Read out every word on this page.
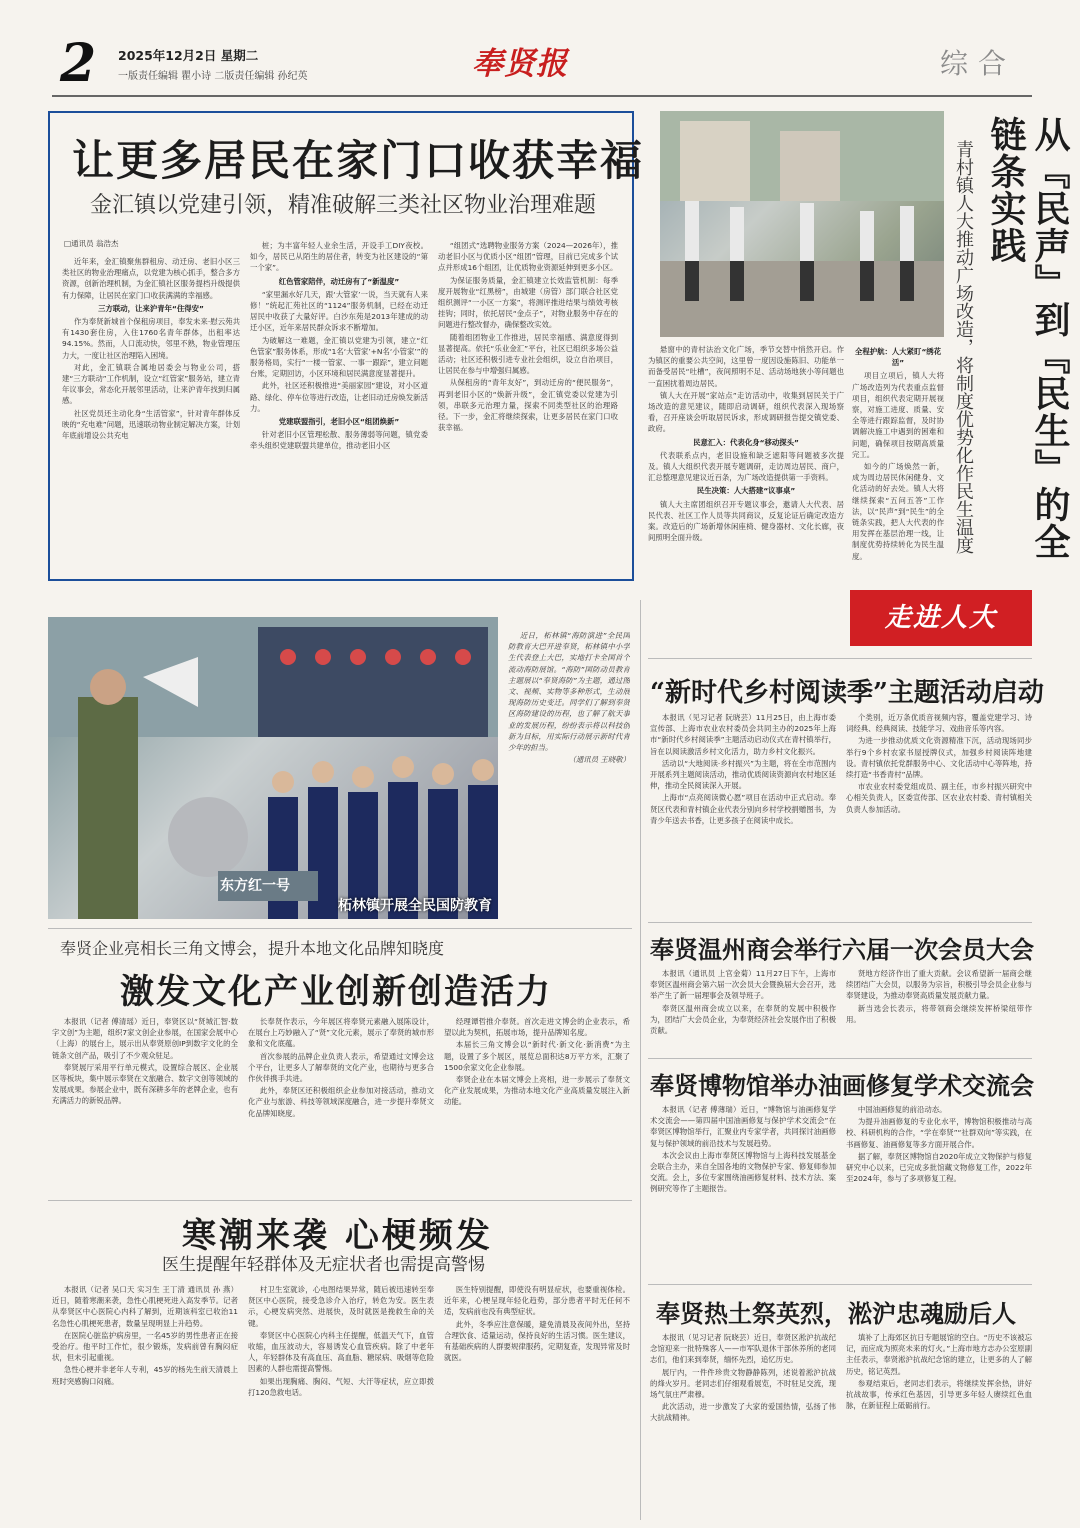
2 2025年12月2日 星期二
一版责任编辑 瞿小诗 二版责任编辑 孙纪英	奉贤报	综合
让更多居民在家门口收获幸福
金汇镇以党建引领，精准破解三类社区物业治理难题
□通讯员 翁浩杰

近年来，金汇镇聚焦群租房、动迁房、老旧小区三类社区的物业治理痛点，以党建为核心抓手，整合多方资源，创新治理机制，为金汇镇社区服务提档升级提供有力保障，让居民在家门口收获满满的幸福感。

三方联动，让来沪青年“住得安”

作为奉贤新城首个保租房项目，奉发未来·慰云苑共有1430套住房，入住1760名青年群体，出租率达94.15%。然而，人口流动快，邻里不熟，物业管理压力大，一度让社区治理陷入困境。

对此，金汇镇联合属地居委会与物业公司，搭建“三方联动”工作机制，设立“红管家”服务站，建立青年议事会，常态化开展邻里活动，让来沪青年找到归属感。

社区党员还主动化身“生活管家”，针对青年群体反映的“充电难”问题，迅速联动物业制定解决方案，计划年底前增设公共充电

桩；为丰富年轻人业余生活，开设手工DIY夜校。如今，居民已从陌生的居住者，转变为社区建设的“第一个家”。

红色管家陪伴，动迁房有了“新温度”

“家里漏水好几天，跟‘大管家’一说，当天就有人来修！”统起汇苑社区的“1124”服务机制，已经在动迁居民中收获了大量好评。白沙东苑是2013年建成的动迁小区，近年来居民群众诉求不断增加。

为破解这一难题，金汇镇以党建为引领，建立“红色管家”服务体系，形成“1名‘大管家’+N名‘小管家’”的服务格局，实行“一楼一管家、一事一跟踪”，建立问题台账，定期回访，小区环境和居民满意度显著提升。

此外，社区还积极推进“美丽家园”建设，对小区道路、绿化、停车位等进行改造，让老旧动迁房焕发新活力。

党建联盟指引，老旧小区“组团焕新”

针对老旧小区管理松散、服务薄弱等问题，镇党委牵头组织党建联盟共建单位，推动老旧小区

“组团式”选聘物业服务方案（2024—2026年），推动老旧小区与优质小区“组团”管理，目前已完成多个试点并形成16个组团，让优质物业资源延伸到更多小区。

为保证服务质量，金汇镇建立长效监管机制：每季度开展物业“红黑榜”，由城建（房管）部门联合社区党组织测评“一小区一方案”，将测评推进结果与绩效考核挂钩；同时，依托居民“金点子”，对物业服务中存在的问题进行整改督办，确保整改实效。

随着组团物业工作推进，居民幸福感、满意度得到显著提高。依托“乐业金汇”平台，社区已组织多场公益活动；社区还积极引进专业社会组织，设立自治项目，让居民在参与中增强归属感。

从保租房的“青年友好”，到动迁房的“便民服务”，再到老旧小区的“焕新升级”，金汇镇党委以党建为引领，串联多元治理力量，探索不同类型社区的治理路径。下一步，金汇将继续探索，让更多居民在家门口收获幸福。	从『民声』到『民生』的全链条实践
青村镇人大推动广场改造，将制度优势化作民生温度

悬窗中的青村法治文化广场，季节交替中悄然开启。作为镇区的重要公共空间，这里曾一度因设施陈旧、功能单一而备受居民“吐槽”，夜间照明不足、活动场地狭小等问题也一直困扰着周边居民。

镇人大在开展“家站点”走访活动中，收集到居民关于广场改造的意见建议，随即启动调研，组织代表深入现场察看，召开座谈会听取居民诉求，形成调研报告提交镇党委、政府。

民意汇入：代表化身“移动探头”

代表联系点内，老旧设施和缺乏遮阳等问题被多次提及。镇人大组织代表开展专题调研，走访周边居民、商户，汇总整理意见建议近百条，为广场改造提供第一手资料。

民生决策：人大搭建“议事桌”

镇人大主席团组织召开专题议事会，邀请人大代表、居民代表、社区工作人员等共同商议，反复论证后确定改造方案。改造后的广场新增休闲座椅、健身器材、文化长廊，夜间照明全面升级。

全程护航：人大紧盯“绣花活”

项目立项后，镇人大将广场改造列为代表重点监督项目，组织代表定期开展视察，对施工进度、质量、安全等进行跟踪监督，及时协调解决施工中遇到的困难和问题，确保项目按期高质量完工。

如今的广场焕然一新，成为周边居民休闲健身、文化活动的好去处。镇人大将继续探索“五问五答”工作法，以“民声”到“民生”的全链条实践，把人大代表的作用发挥在基层治理一线，让制度优势持续转化为民生温度。

走进人大
东方红一号
柘林镇开展全民国防教育

近日，柘林镇“海防演进”全民国防教育大巴开进奉贤，柘林镇中小学生代表登上大巴，实地打卡全国首个流动海防展馆。“海防”国防动员教育主题展以“奉贤海防”为主题，通过图文、视频、实物等多种形式，生动展现海防历史变迁。同学们了解到奉贤区海防建设的历程，也了解了航天事业的发展历程，纷纷表示将以科技创新为目标，用实际行动展示新时代青少年的担当。

（通讯员 王晓敬）

“新时代乡村阅读季”主题活动启动

本报讯（见习记者 阮晓芸）11月25日，由上海市委宣传部、上海市农业农村委员会共同主办的2025年上海市“新时代乡村阅读季”主题活动启动仪式在青村镇举行，旨在以阅读激活乡村文化活力，助力乡村文化振兴。

活动以“大地阅读·乡村振兴”为主题，将在全市范围内开展系列主题阅读活动，推动优质阅读资源向农村地区延伸，推动全民阅读深入开展。

上海市“点亮阅读微心愿”项目在活动中正式启动。奉贤区代表和青村镇企业代表分别向乡村学校捐赠图书，为青少年送去书香，让更多孩子在阅读中成长。

个类别，近万条优质音视频内容，覆盖党建学习、诗词经典、经典阅读、技能学习、戏曲音乐等内容。

为进一步推动优质文化资源精准下沉，活动现场同步举行9个乡村农家书屋授牌仪式，加强乡村阅读阵地建设。青村镇依托党群服务中心、文化活动中心等阵地，持续打造“书香青村”品牌。

市农业农村委党组成员、副主任，市乡村振兴研究中心相关负责人，区委宣传部、区农业农村委、青村镇相关负责人参加活动。

奉贤温州商会举行六届一次会员大会

本报讯（通讯员 上官金菊）11月27日下午，上海市奉贤区温州商会第六届一次会员大会暨换届大会召开，选举产生了新一届理事会及领导班子。

奉贤区温州商会成立以来，在奉贤的发展中积极作为，团结广大会员企业，为奉贤经济社会发展作出了积极贡献。

贤地方经济作出了重大贡献。会议希望新一届商会继续团结广大会员，以服务为宗旨，积极引导会员企业参与奉贤建设，为推动奉贤高质量发展贡献力量。

新当选会长表示，将带领商会继续发挥桥梁纽带作用。

奉贤博物馆举办油画修复学术交流会

本报讯（记者 傅薄瑞）近日，“博物馆与油画修复学术交流会——第四届中国油画修复与保护学术交流会”在奉贤区博物馆举行，汇聚业内专家学者，共同探讨油画修复与保护领域的前沿技术与发展趋势。

本次会议由上海市奉贤区博物馆与上海科技发展基金会联合主办，来自全国各地的文物保护专家、修复师参加交流。会上，多位专家围绕油画修复材料、技术方法、案例研究等作了主题报告。

中国油画修复的前沿动态。

为提升油画修复的专业化水平，博物馆积极推动与高校、科研机构的合作，“学在奉贤”“社群双向”等实践，在书画修复、油画修复等多方面开展合作。

据了解，奉贤区博物馆自2020年成立文物保护与修复研究中心以来，已完成多批馆藏文物修复工作，2022年至2024年，参与了多项修复工程。

奉贤热土祭英烈，淞沪忠魂励后人

本报讯（见习记者 阮晓芸）近日，奉贤区淞沪抗战纪念馆迎来一批特殊客人——市军队退休干部休养所的老同志们，他们来到奉贤，缅怀先烈，追忆历史。

展厅内，一件件珍贵文物静静陈列，述说着淞沪抗战的烽火岁月。老同志们仔细观看展览，不时驻足交流，现场气氛庄严肃穆。

此次活动，进一步激发了大家的爱国热情，弘扬了伟大抗战精神。

填补了上海郊区抗日专题展馆的空白。“历史不该被忘记，而应成为照亮未来的灯火。”上海市地方志办公室原副主任表示，奉贤淞沪抗战纪念馆的建立，让更多的人了解历史，铭记英烈。

参观结束后，老同志们表示，将继续发挥余热，讲好抗战故事，传承红色基因，引导更多年轻人赓续红色血脉，在新征程上砥砺前行。

奉贤企业亮相长三角文博会，提升本地文化品牌知晓度
激发文化产业创新创造活力

本报讯（记者 傅清瑶）近日，奉贤区以“贤城汇智·数字文创”为主题，组织7家文创企业参展，在国家会展中心（上海）的展台上，展示出从奉贤原创IP到数字文化的全链条文创产品，吸引了不少观众驻足。

奉贤展厅采用平行单元模式，设置综合展区、企业展区等板块，集中展示奉贤在文旅融合、数字文创等领域的发展成果。参展企业中，既有深耕多年的老牌企业，也有充满活力的新锐品牌。

长奉贤作表示，今年展区将奉贤元素融入展陈设计，在展台上巧妙融入了“贤”文化元素，展示了奉贤的城市形象和文化底蕴。

首次参展的品牌企业负责人表示，希望通过文博会这个平台，让更多人了解奉贤的文化产业，也期待与更多合作伙伴携手共进。

此外，奉贤区还积极组织企业参加对接活动，推动文化产业与旅游、科技等领域深度融合，进一步提升奉贤文化品牌知晓度。

经理谭哲推介奉贤。首次走进文博会的企业表示，希望以此为契机，拓展市场，提升品牌知名度。

本届长三角文博会以“新时代·新文化·新消费”为主题，设置了多个展区，展览总面积达8万平方米，汇聚了1500余家文化企业参展。

奉贤企业在本届文博会上亮相，进一步展示了奉贤文化产业发展成果，为推动本地文化产业高质量发展注入新动能。

寒潮来袭 心梗频发
医生提醒年轻群体及无症状者也需提高警惕

本报讯（记者 吴口天 实习生 王丁清 通讯员 孙 燕）近日，随着寒潮来袭，急性心肌梗死进入高发季节。记者从奉贤区中心医院心内科了解到，近期该科室已收治11名急性心肌梗死患者，数量呈现明显上升趋势。

在医院心脏监护病房里，一名45岁的男性患者正在接受治疗。他平时工作忙，很少锻炼，发病前曾有胸闷症状，但未引起重视。

急性心梗并非老年人专利，45岁的杨先生前天清晨上班时突感胸口闷痛。

村卫生室就诊，心电图结果异常，随后被迅速转至奉贤区中心医院，接受急诊介入治疗，转危为安。医生表示，心梗发病突然、进展快，及时就医是挽救生命的关键。

奉贤区中心医院心内科主任提醒，低温天气下，血管收缩，血压波动大，容易诱发心血管疾病。除了中老年人，年轻群体及有高血压、高血脂、糖尿病、吸烟等危险因素的人群也需提高警惕。

如果出现胸痛、胸闷、气短、大汗等症状，应立即拨打120急救电话。

医生特别提醒，即使没有明显症状，也要重视体检。近年来，心梗呈现年轻化趋势，部分患者平时无任何不适，发病前也没有典型症状。

此外，冬季应注意保暖，避免清晨及夜间外出，坚持合理饮食、适量运动，保持良好的生活习惯。医生建议，有基础疾病的人群要规律服药，定期复查，发现异常及时就医。
